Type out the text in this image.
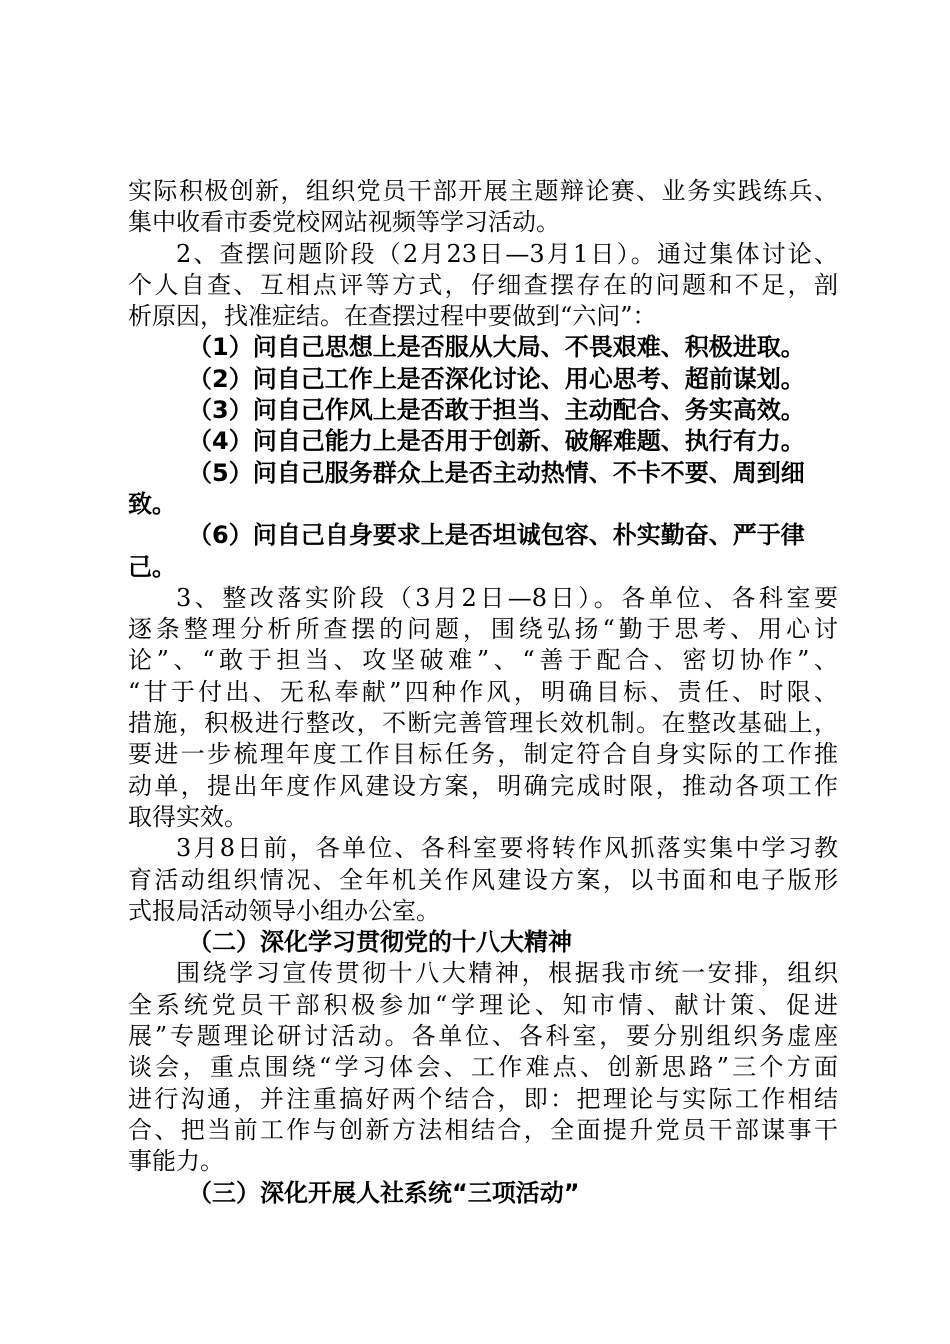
实际积极创新，组织党员干部开展主题辩论赛、业务实践练兵、
集中收看市委党校网站视频等学习活动。
2、查摆问题阶段（2月23日—3月1日）。通过集体讨论、
个人自查、互相点评等方式，仔细查摆存在的问题和不足，剖
析原因，找准症结。在查摆过程中要做到“六问”：
（1）问自己思想上是否服从大局、不畏艰难、积极进取。
（2）问自己工作上是否深化讨论、用心思考、超前谋划。
（3）问自己作风上是否敢于担当、主动配合、务实高效。
（4）问自己能力上是否用于创新、破解难题、执行有力。
（5）问自己服务群众上是否主动热情、不卡不要、周到细
致。
（6）问自己自身要求上是否坦诚包容、朴实勤奋、严于律
己。
3、整改落实阶段（3月2日—8日）。各单位、各科室要
逐条整理分析所查摆的问题，围绕弘扬“勤于思考、用心讨
论”、“敢于担当、攻坚破难”、“善于配合、密切协作”、
“甘于付出、无私奉献”四种作风，明确目标、责任、时限、
措施，积极进行整改，不断完善管理长效机制。在整改基础上，
要进一步梳理年度工作目标任务，制定符合自身实际的工作推
动单，提出年度作风建设方案，明确完成时限，推动各项工作
取得实效。
3月8日前，各单位、各科室要将转作风抓落实集中学习教
育活动组织情况、全年机关作风建设方案，以书面和电子版形
式报局活动领导小组办公室。
（二）深化学习贯彻党的十八大精神
围绕学习宣传贯彻十八大精神，根据我市统一安排，组织
全系统党员干部积极参加“学理论、知市情、献计策、促进
展”专题理论研讨活动。各单位、各科室，要分别组织务虚座
谈会，重点围绕“学习体会、工作难点、创新思路”三个方面
进行沟通，并注重搞好两个结合，即：把理论与实际工作相结
合、把当前工作与创新方法相结合，全面提升党员干部谋事干
事能力。
（三）深化开展人社系统“三项活动”
